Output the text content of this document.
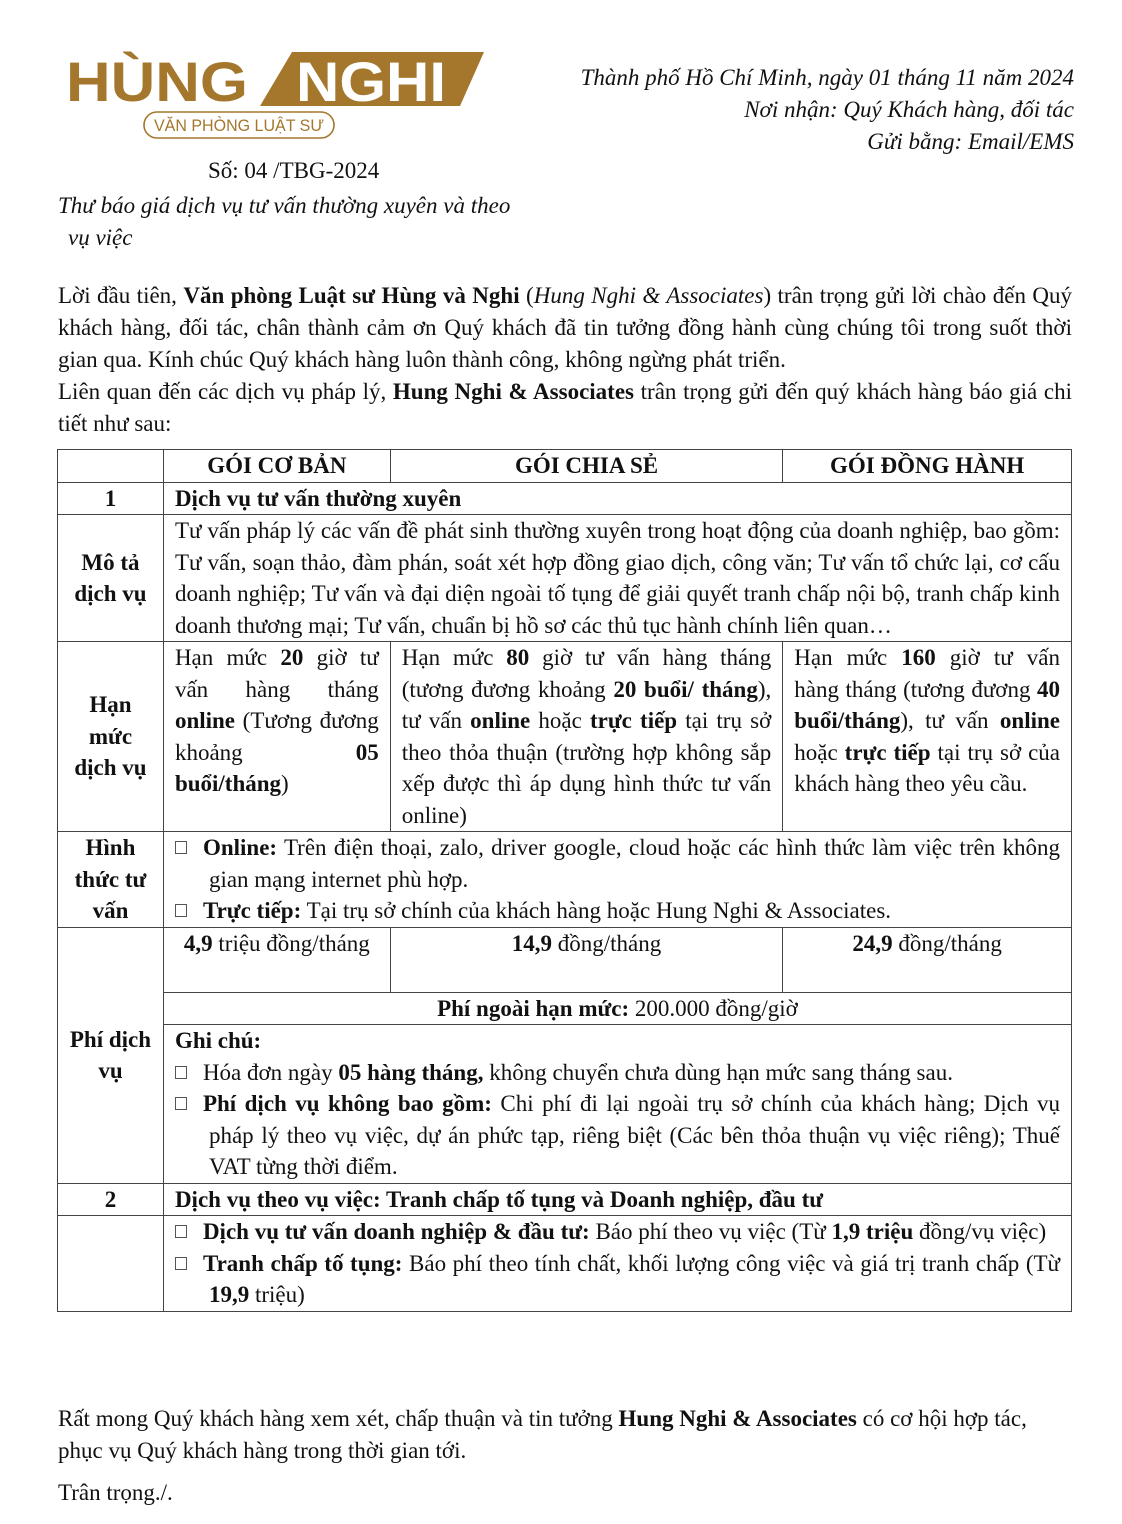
HÙNG NGHI
VĂN PHÒNG LUẬT SƯ
Thành phố Hồ Chí Minh, ngày 01 tháng 11 năm 2024
Nơi nhận: Quý Khách hàng, đối tác
Gửi bằng: Email/EMS
Số: 04 /TBG-2024
Thư báo giá dịch vụ tư vấn thường xuyên và theo
vụ việc

Lời đầu tiên, Văn phòng Luật sư Hùng và Nghi (Hung Nghi & Associates) trân trọng gửi lời chào đến Quý khách hàng, đối tác, chân thành cảm ơn Quý khách đã tin tưởng đồng hành cùng chúng tôi trong suốt thời gian qua. Kính chúc Quý khách hàng luôn thành công, không ngừng phát triển.

Liên quan đến các dịch vụ pháp lý, Hung Nghi & Associates trân trọng gửi đến quý khách hàng báo giá chi tiết như sau:

	GÓI CƠ BẢN	GÓI CHIA SẺ	GÓI ĐỒNG HÀNH
1	Dịch vụ tư vấn thường xuyên		
Mô tả dịch vụ	Tư vấn pháp lý các vấn đề phát sinh thường xuyên trong hoạt động của doanh nghiệp, bao gồm: Tư vấn, soạn thảo, đàm phán, soát xét hợp đồng giao dịch, công văn; Tư vấn tổ chức lại, cơ cấu doanh nghiệp; Tư vấn và đại diện ngoài tố tụng để giải quyết tranh chấp nội bộ, tranh chấp kinh doanh thương mại; Tư vấn, chuẩn bị hồ sơ các thủ tục hành chính liên quan…		
Hạn mức dịch vụ	Hạn mức 20 giờ tư vấn hàng tháng online (Tương đương khoảng 05 buổi/tháng)	Hạn mức 80 giờ tư vấn hàng tháng (tương đương khoảng 20 buổi/ tháng), tư vấn online hoặc trực tiếp tại trụ sở theo thỏa thuận (trường hợp không sắp xếp được thì áp dụng hình thức tư vấn online)	Hạn mức 160 giờ tư vấn hàng tháng (tương đương 40 buổi/tháng), tư vấn online hoặc trực tiếp tại trụ sở của khách hàng theo yêu cầu.
Hình thức tư vấn	Online: Trên điện thoại, zalo, driver google, cloud hoặc các hình thức làm việc trên không gian mạng internet phù hợp.
Trực tiếp: Tại trụ sở chính của khách hàng hoặc Hung Nghi & Associates.		

Phí dịch vụ	4,9 triệu đồng/tháng	14,9 đồng/tháng	24,9 đồng/tháng
	Phí ngoài hạn mức: 200.000 đồng/giờ		

	Ghi chú:
Hóa đơn ngày 05 hàng tháng, không chuyển chưa dùng hạn mức sang tháng sau.
Phí dịch vụ không bao gồm: Chi phí đi lại ngoài trụ sở chính của khách hàng; Dịch vụ pháp lý theo vụ việc, dự án phức tạp, riêng biệt (Các bên thỏa thuận vụ việc riêng); Thuế VAT từng thời điểm.		

2	Dịch vụ theo vụ việc: Tranh chấp tố tụng và Doanh nghiệp, đầu tư		

	Dịch vụ tư vấn doanh nghiệp & đầu tư: Báo phí theo vụ việc (Từ 1,9 triệu đồng/vụ việc)
Tranh chấp tố tụng: Báo phí theo tính chất, khối lượng công việc và giá trị tranh chấp (Từ 19,9 triệu)		

Rất mong Quý khách hàng xem xét, chấp thuận và tin tưởng Hung Nghi & Associates có cơ hội hợp tác, phục vụ Quý khách hàng trong thời gian tới.

Trân trọng./.
